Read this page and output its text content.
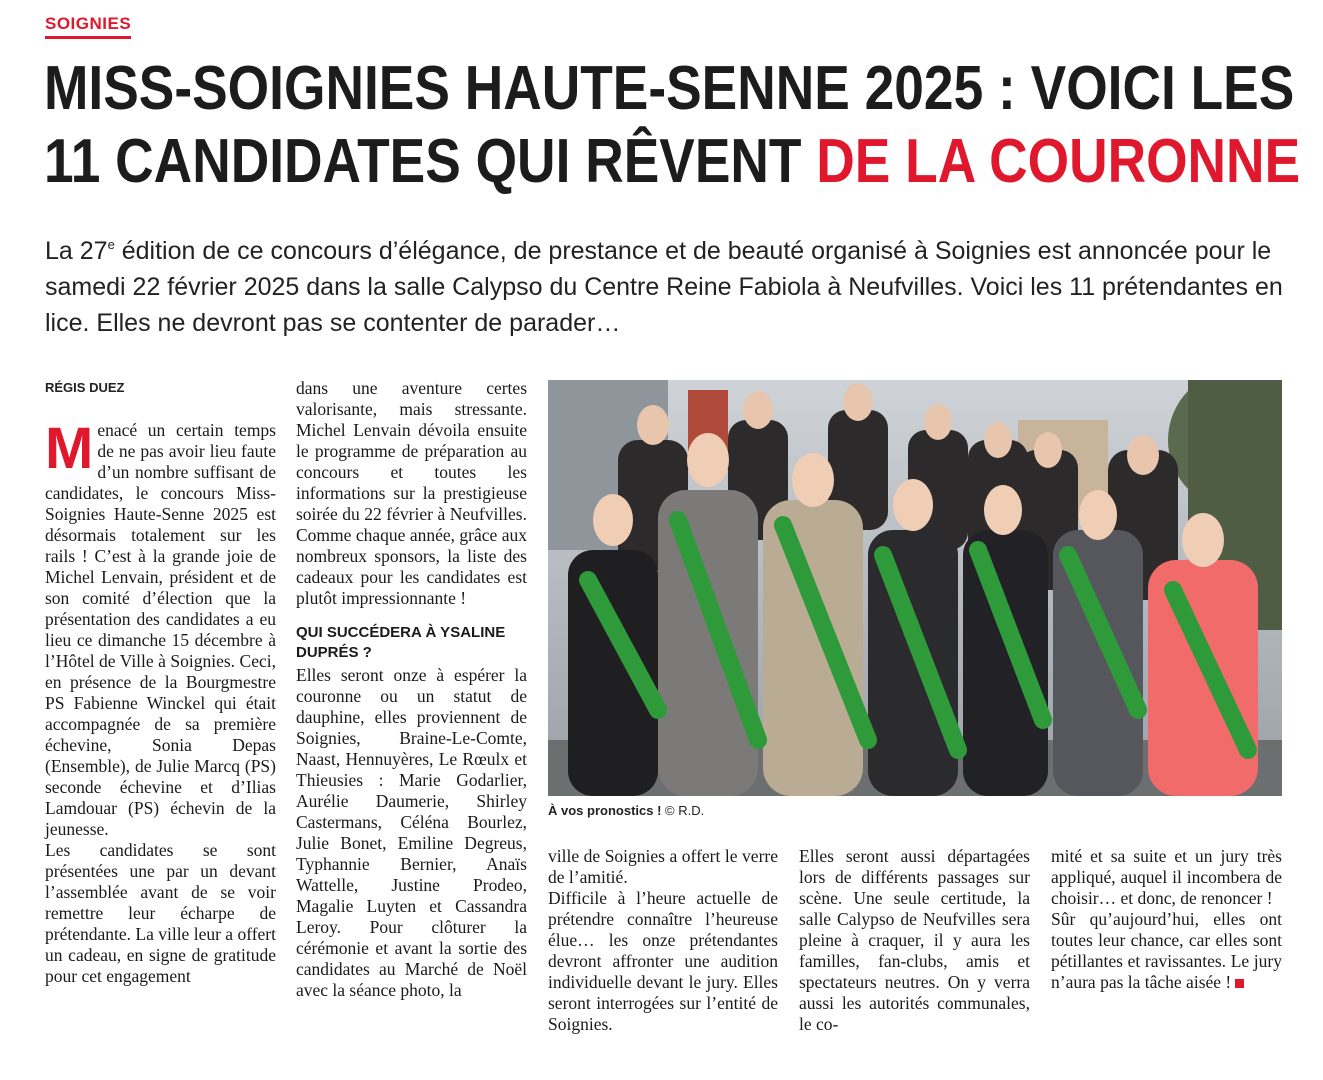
SOIGNIES
MISS-SOIGNIES HAUTE-SENNE 2025 : VOICI LES
11 CANDIDATES QUI RÊVENT DE LA COURONNE
La 27e édition de ce concours d’élégance, de prestance et de beauté organisé à Soignies est annoncée pour le samedi 22 février 2025 dans la salle Calypso du Centre Reine Fabiola à Neufvilles. Voici les 11 prétendantes en lice. Elles ne devront pas se contenter de parader…
RÉGIS DUEZ

Menacé un certain temps de ne pas avoir lieu faute d’un nombre suffisant de candidates, le concours Miss-Soignies Haute-Senne 2025 est désormais totalement sur les rails ! C’est à la grande joie de Michel Lenvain, président et de son comité d’élection que la présentation des candidates a eu lieu ce dimanche 15 décembre à l’Hôtel de Ville à Soignies. Ceci, en présence de la Bourgmestre PS Fabienne Winckel qui était accompagnée de sa première échevine, Sonia Depas (Ensemble), de Julie Marcq (PS) seconde échevine et d’Ilias Lamdouar (PS) échevin de la jeunesse.

Les candidates se sont présentées une par un devant l’assemblée avant de se voir remettre leur écharpe de prétendante. La ville leur a offert un cadeau, en signe de gratitude pour cet engagement

dans une aventure certes valorisante, mais stressante. Michel Lenvain dévoila ensuite le programme de préparation au concours et toutes les informations sur la prestigieuse soirée du 22 février à Neufvilles. Comme chaque année, grâce aux nombreux sponsors, la liste des cadeaux pour les candidates est plutôt impressionnante !

QUI SUCCÉDERA À YSALINE DUPRÉS ?

Elles seront onze à espérer la couronne ou un statut de dauphine, elles proviennent de Soignies, Braine-Le-Comte, Naast, Hennuyères, Le Rœulx et Thieusies : Marie Godarlier, Aurélie Daumerie, Shirley Castermans, Céléna Bourlez, Julie Bonet, Emiline Degreus, Typhannie Bernier, Anaïs Wattelle, Justine Prodeo, Magalie Luyten et Cassandra Leroy. Pour clôturer la cérémonie et avant la sortie des candidates au Marché de Noël avec la séance photo, la

À vos pronostics ! © R.D.

ville de Soignies a offert le verre de l’amitié.

Difficile à l’heure actuelle de prétendre connaître l’heureuse élue… les onze prétendantes devront affronter une audition individuelle devant le jury. Elles seront interrogées sur l’entité de Soignies.

Elles seront aussi départagées lors de différents passages sur scène. Une seule certitude, la salle Calypso de Neufvilles sera pleine à craquer, il y aura les familles, fan-clubs, amis et spectateurs neutres. On y verra aussi les autorités communales, le co-

mité et sa suite et un jury très appliqué, auquel il incombera de choisir… et donc, de renoncer !

Sûr qu’aujourd’hui, elles ont toutes leur chance, car elles sont pétillantes et ravissantes. Le jury n’aura pas la tâche aisée !
